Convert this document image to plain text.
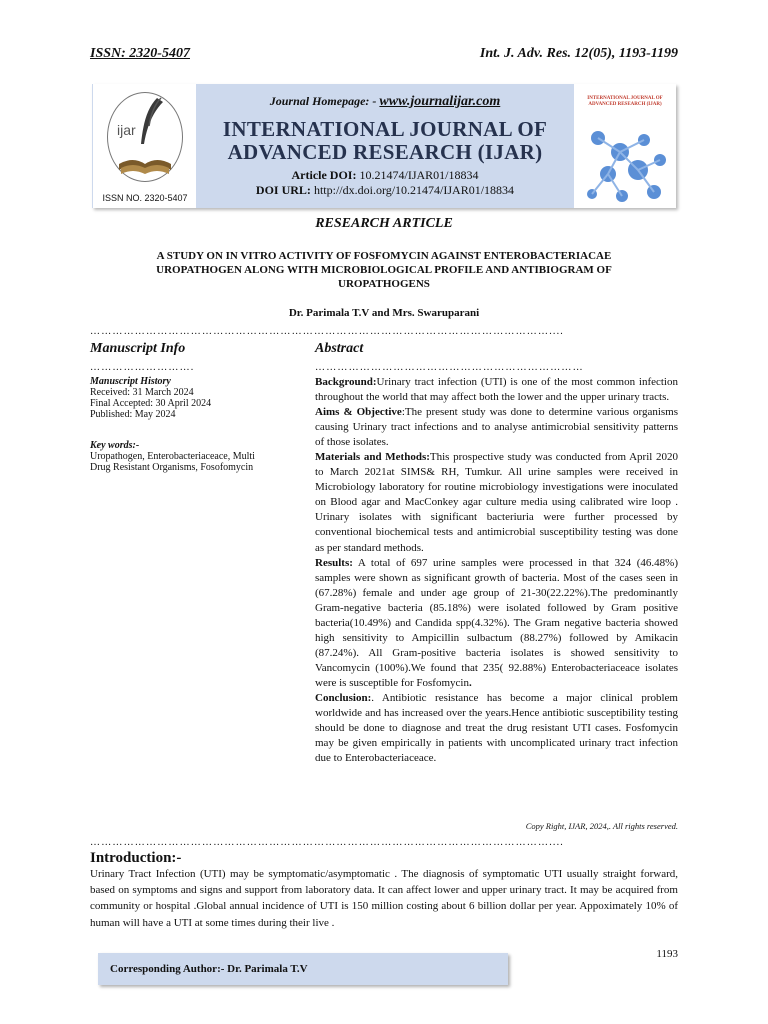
ISSN: 2320-5407	Int. J. Adv. Res. 12(05), 1193-1199
ijar
ISSN NO. 2320-5407
INTERNATIONAL JOURNAL OF ADVANCED RESEARCH (IJAR)
Journal Homepage: - www.journalijar.com
INTERNATIONAL JOURNAL OF
ADVANCED RESEARCH (IJAR)
Article DOI: 10.21474/IJAR01/18834
DOI URL: http://dx.doi.org/10.21474/IJAR01/18834
RESEARCH ARTICLE
A STUDY ON IN VITRO ACTIVITY OF FOSFOMYCIN AGAINST ENTEROBACTERIACAE
UROPATHOGEN ALONG WITH MICROBIOLOGICAL PROFILE AND ANTIBIOGRAM OF
UROPATHOGENS
Dr. Parimala T.V and Mrs. Swaruparani
……………………………………………………………………………………………………………....
Manuscript Info	Abstract
……………………….	………………………………………………………………
Manuscript History
Received: 31 March 2024
Final Accepted: 30 April 2024
Published: May 2024
Key words:-
Uropathogen, Enterobacteriaceace, Multi
Drug Resistant Organisms, Fosofomycin

Background:Urinary tract infection (UTI) is one of the most common infection throughout the world that may affect both the lower and the upper urinary tracts.

Aims & Objective:The present study was done to determine various organisms causing Urinary tract infections and to analyse antimicrobial sensitivity patterns of those isolates.

Materials and Methods:This prospective study was conducted from April 2020 to March 2021at SIMS& RH, Tumkur. All urine samples were received in Microbiology laboratory for routine microbiology investigations were inoculated on Blood agar and MacConkey agar culture media using calibrated wire loop . Urinary isolates with significant bacteriuria were further processed by conventional biochemical tests and antimicrobial susceptibility testing was done as per standard methods.

Results: A total of 697 urine samples were processed in that 324 (46.48%) samples were shown as significant growth of bacteria. Most of the cases seen in (67.28%) female and under age group of 21-30(22.22%).The predominantly Gram-negative bacteria (85.18%) were isolated followed by Gram positive bacteria(10.49%) and Candida spp(4.32%). The Gram negative bacteria showed high sensitivity to Ampicillin sulbactum (88.27%) followed by Amikacin (87.24%). All Gram-positive bacteria isolates is showed sensitivity to Vancomycin (100%).We found that 235( 92.88%) Enterobacteriaceace isolates were is susceptible for Fosfomycin.

Conclusion:. Antibiotic resistance has become a major clinical problem worldwide and has increased over the years.Hence antibiotic susceptibility testing should be done to diagnose and treat the drug resistant UTI cases. Fosfomycin may be given empirically in patients with uncomplicated urinary tract infection due to Enterobacteriaceace.

Copy Right, IJAR, 2024,. All rights reserved.
……………………………………………………………………………………………………………....
Introduction:-
Urinary Tract Infection (UTI) may be symptomatic/asymptomatic . The diagnosis of symptomatic UTI usually straight forward, based on symptoms and signs and support from laboratory data. It can affect lower and upper urinary tract. It may be acquired from community or hospital .Global annual incidence of UTI is 150 million costing about 6 billion dollar per year. Appoximately 10% of human will have a UTI at some times during their live .
1193
Corresponding Author:- Dr. Parimala T.V
